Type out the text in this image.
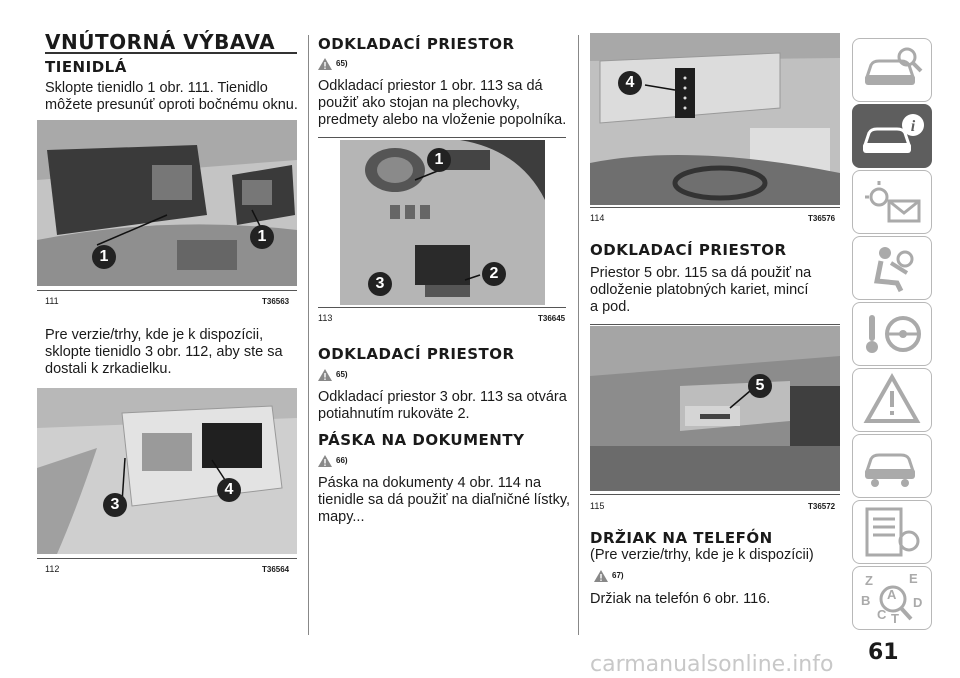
VNÚTORNÁ VÝBAVA
TIENIDLÁ
Sklopte tienidlo 1 obr. 111. Tienidlo
môžete presunúť oproti bočnému oknu.
1
1
111	T36563
Pre verzie/trhy, kde je k dispozícii,
sklopte tienidlo 3 obr. 112, aby ste sa
dostali k zrkadielku.
3
4
112	T36564
ODKLADACÍ PRIESTOR
65)
Odkladací priestor 1 obr. 113 sa dá
použiť ako stojan na plechovky,
predmety alebo na vloženie popolníka.
1
2
3
113	T36645
ODKLADACÍ PRIESTOR
65)
Odkladací priestor 3 obr. 113 sa otvára
potiahnutím rukoväte 2.
PÁSKA NA DOKUMENTY
66)
Páska na dokumenty 4 obr. 114 na
tienidle sa dá použiť na diaľničné lístky,
mapy...
4
114	T36576
ODKLADACÍ PRIESTOR
Priestor 5 obr. 115 sa dá použiť na
odloženie platobných kariet, mincí
a pod.
5
115	T36572
DRŽIAK NA TELEFÓN
(Pre verzie/trhy, kde je k dispozícii)
67)
Držiak na telefón 6 obr. 116.
i
Z	E
A
B
C T
D
61
carmanualsonline.info
